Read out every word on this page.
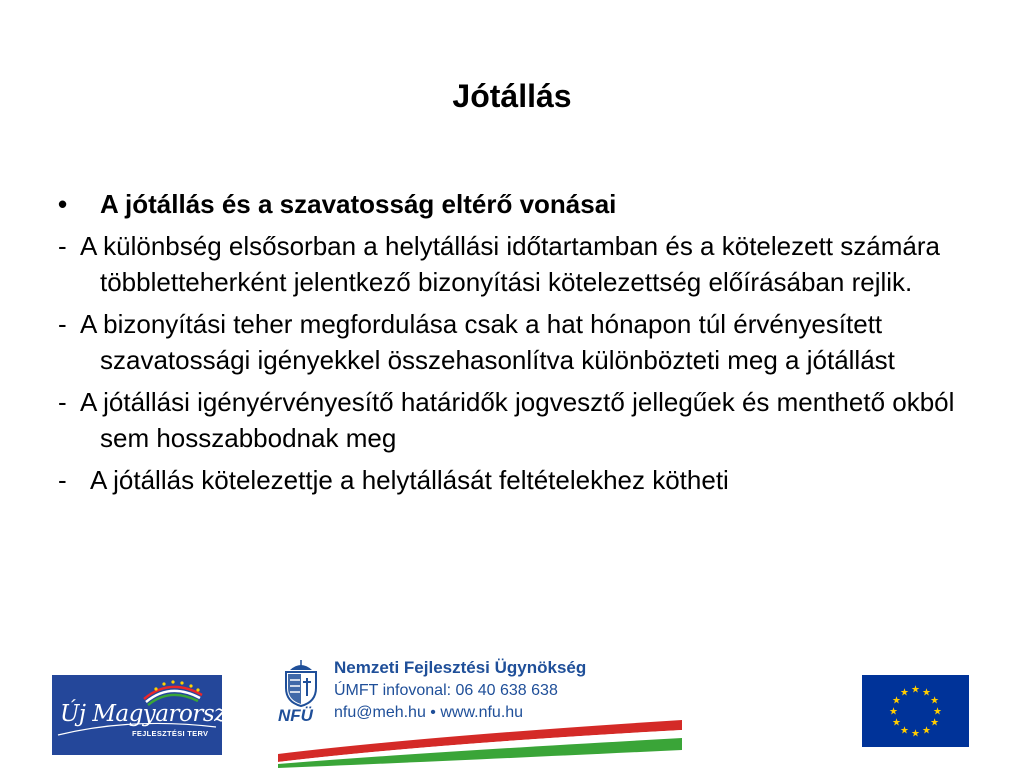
Jótállás
•	A jótállás és a szavatosság eltérő vonásai
- A különbség elsősorban a helytállási időtartamban és a kötelezett számára többletteherként jelentkező bizonyítási kötelezettség előírásában rejlik.
- A bizonyítási teher megfordulása csak a hat hónapon túl érvényesített szavatossági igényekkel összehasonlítva különbözteti meg a jótállást
- A jótállási igényérvényesítő határidők jogvesztő jellegűek és menthető okból sem hosszabbodnak meg
- A jótállás kötelezettje a helytállását feltételekhez kötheti
Új Magyarország
FEJLESZTÉSI TERV
NFÜ
Nemzeti Fejlesztési Ügynökség
ÚMFT infovonal: 06 40 638 638
nfu@meh.hu • www.nfu.hu
★ ★
★
★
★
★
★
★
★
★
★
★
